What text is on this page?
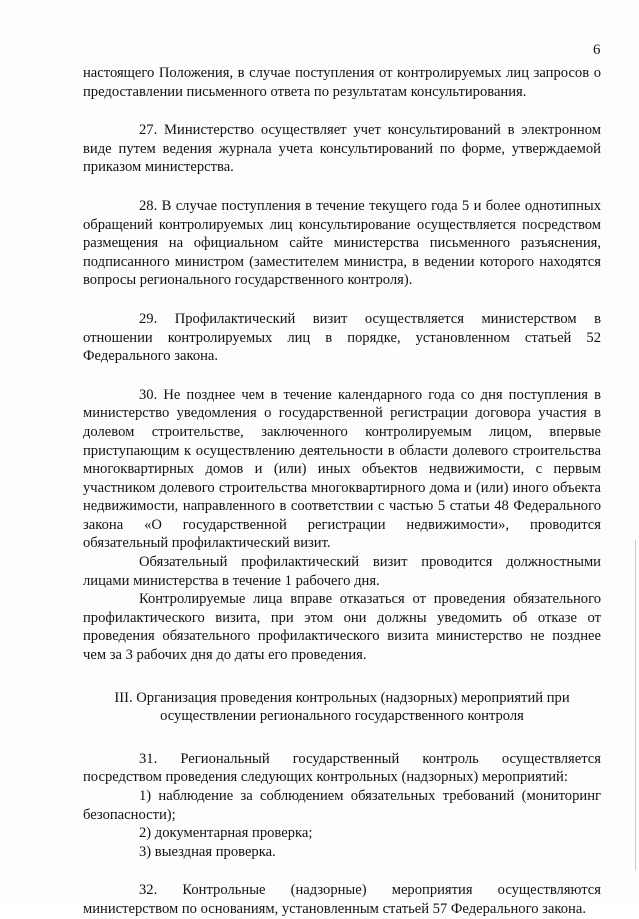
6

настоящего Положения, в случае поступления от контролируемых лиц запросов о предоставлении письменного ответа по результатам консультирования.

27. Министерство осуществляет учет консультирований в электронном виде путем ведения журнала учета консультирований по форме, утверждаемой приказом министерства.

28. В случае поступления в течение текущего года 5 и более однотипных обращений контролируемых лиц консультирование осуществляется посредством размещения на официальном сайте министерства письменного разъяснения, подписанного министром (заместителем министра, в ведении которого находятся вопросы регионального государственного контроля).

29. Профилактический визит осуществляется министерством в отношении контролируемых лиц в порядке, установленном статьей 52 Федерального закона.

30. Не позднее чем в течение календарного года со дня поступления в министерство уведомления о государственной регистрации договора участия в долевом строительстве, заключенного контролируемым лицом, впервые приступающим к осуществлению деятельности в области долевого строительства многоквартирных домов и (или) иных объектов недвижимости, с первым участником долевого строительства многоквартирного дома и (или) иного объекта недвижимости, направленного в соответствии с частью 5 статьи 48 Федерального закона «О государственной регистрации недвижимости», проводится обязательный профилактический визит.

Обязательный профилактический визит проводится должностными лицами министерства в течение 1 рабочего дня.

Контролируемые лица вправе отказаться от проведения обязательного профилактического визита, при этом они должны уведомить об отказе от проведения обязательного профилактического визита министерство не позднее чем за 3 рабочих дня до даты его проведения.

III. Организация проведения контрольных (надзорных) мероприятий при

осуществлении регионального государственного контроля

31. Региональный государственный контроль осуществляется посредством проведения следующих контрольных (надзорных) мероприятий:

1) наблюдение за соблюдением обязательных требований (мониторинг безопасности);

2) документарная проверка;

3) выездная проверка.

32. Контрольные (надзорные) мероприятия осуществляются министерством по основаниям, установленным статьей 57 Федерального закона.
